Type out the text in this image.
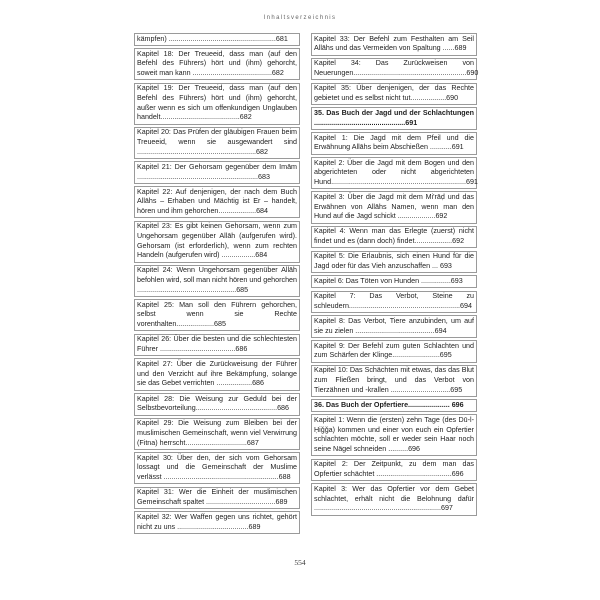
Inhaltsverzeichnis
kämpfen) ......................................................681
Kapitel 18: Der Treueeid, dass man (auf den Befehl des Führers) hört und (ihm) gehorcht, soweit man kann ........................................682
Kapitel 19: Der Treueeid, dass man (auf den Befehl des Führers) hört und (ihm) gehorcht, außer wenn es sich um offenkundigen Unglauben handelt........................................682
Kapitel 20: Das Prüfen der gläubigen Frauen beim Treueeid, wenn sie ausgewandert sind ............................................................682
Kapitel 21: Der Gehorsam gegenüber dem Imām .............................................................683
Kapitel 22: Auf denjenigen, der nach dem Buch Allāhs – Erhaben und Mächtig ist Er – handelt, hören und ihm gehorchen...................684
Kapitel 23: Es gibt keinen Gehorsam, wenn zum Ungehorsam gegenüber Allāh (aufgerufen wird). Gehorsam (ist erforderlich), wenn zum rechten Handeln (aufgerufen wird) .................684
Kapitel 24: Wenn Ungehorsam gegenüber Allāh befohlen wird, soll man nicht hören und gehorchen ..................................................685
Kapitel 25: Man soll den Führern gehorchen, selbst wenn sie Rechte vorenthalten...................685
Kapitel 26: Über die besten und die schlechtesten Führer ......................................686
Kapitel 27: Über die Zurückweisung der Führer und den Verzicht auf ihre Bekämpfung, solange sie das Gebet verrichten ..................686
Kapitel 28: Die Weisung zur Geduld bei der Selbstbevorteilung.........................................686
Kapitel 29: Die Weisung zum Bleiben bei der muslimischen Gemeinschaft, wenn viel Verwirrung (Fitna) herrscht...............................687
Kapitel 30: Über den, der sich vom Gehorsam lossagt und die Gemeinschaft der Muslime verlässt ..........................................................688
Kapitel 31: Wer die Einheit der muslimischen Gemeinschaft spaltet ...................................689
Kapitel 32: Wer Waffen gegen uns richtet, gehört nicht zu uns ....................................689
Kapitel 33: Der Befehl zum Festhalten am Seil Allāhs und das Vermeiden von Spaltung ......689
Kapitel 34: Das Zurückweisen von Neuerungen.........................................................690
Kapitel 35: Über denjenigen, der das Rechte gebietet und es selbst nicht tut..................690
35. Das Buch der Jagd und der Schlachtungen ..............................................691
Kapitel 1: Die Jagd mit dem Pfeil und die Erwähnung Allāhs beim Abschießen ...........691
Kapitel 2: Über die Jagd mit dem Bogen und den abgerichteten oder nicht abgerichteten Hund....................................................................691
Kapitel 3: Über die Jagd mit dem Mi'rāḍ und das Erwähnen von Allāhs Namen, wenn man den Hund auf die Jagd schickt ...................692
Kapitel 4: Wenn man das Erlegte (zuerst) nicht findet und es (dann doch) findet...................692
Kapitel 5: Die Erlaubnis, sich einen Hund für die Jagd oder für das Vieh anzuschaffen ... 693
Kapitel 6: Das Töten von Hunden ...............693
Kapitel 7: Das Verbot, Steine zu schleudern........................................................694
Kapitel 8: Das Verbot, Tiere anzubinden, um auf sie zu zielen ........................................694
Kapitel 9: Der Befehl zum guten Schlachten und zum Schärfen der Klinge........................695
Kapitel 10: Das Schächten mit etwas, das das Blut zum Fließen bringt, und das Verbot von Tierzähnen und -krallen ..............................695
36. Das Buch der Opfertiere..................... 696
Kapitel 1: Wenn die (ersten) zehn Tage (des Dū-l-Ḥiǧǧa) kommen und einer von euch ein Opfertier schlachten möchte, soll er weder sein Haar noch seine Nägel schneiden ..........696
Kapitel 2: Der Zeitpunkt, zu dem man das Opfertier schächtet ......................................696
Kapitel 3: Wer das Opfertier vor dem Gebet schlachtet, erhält nicht die Belohnung dafür ................................................................697
554
